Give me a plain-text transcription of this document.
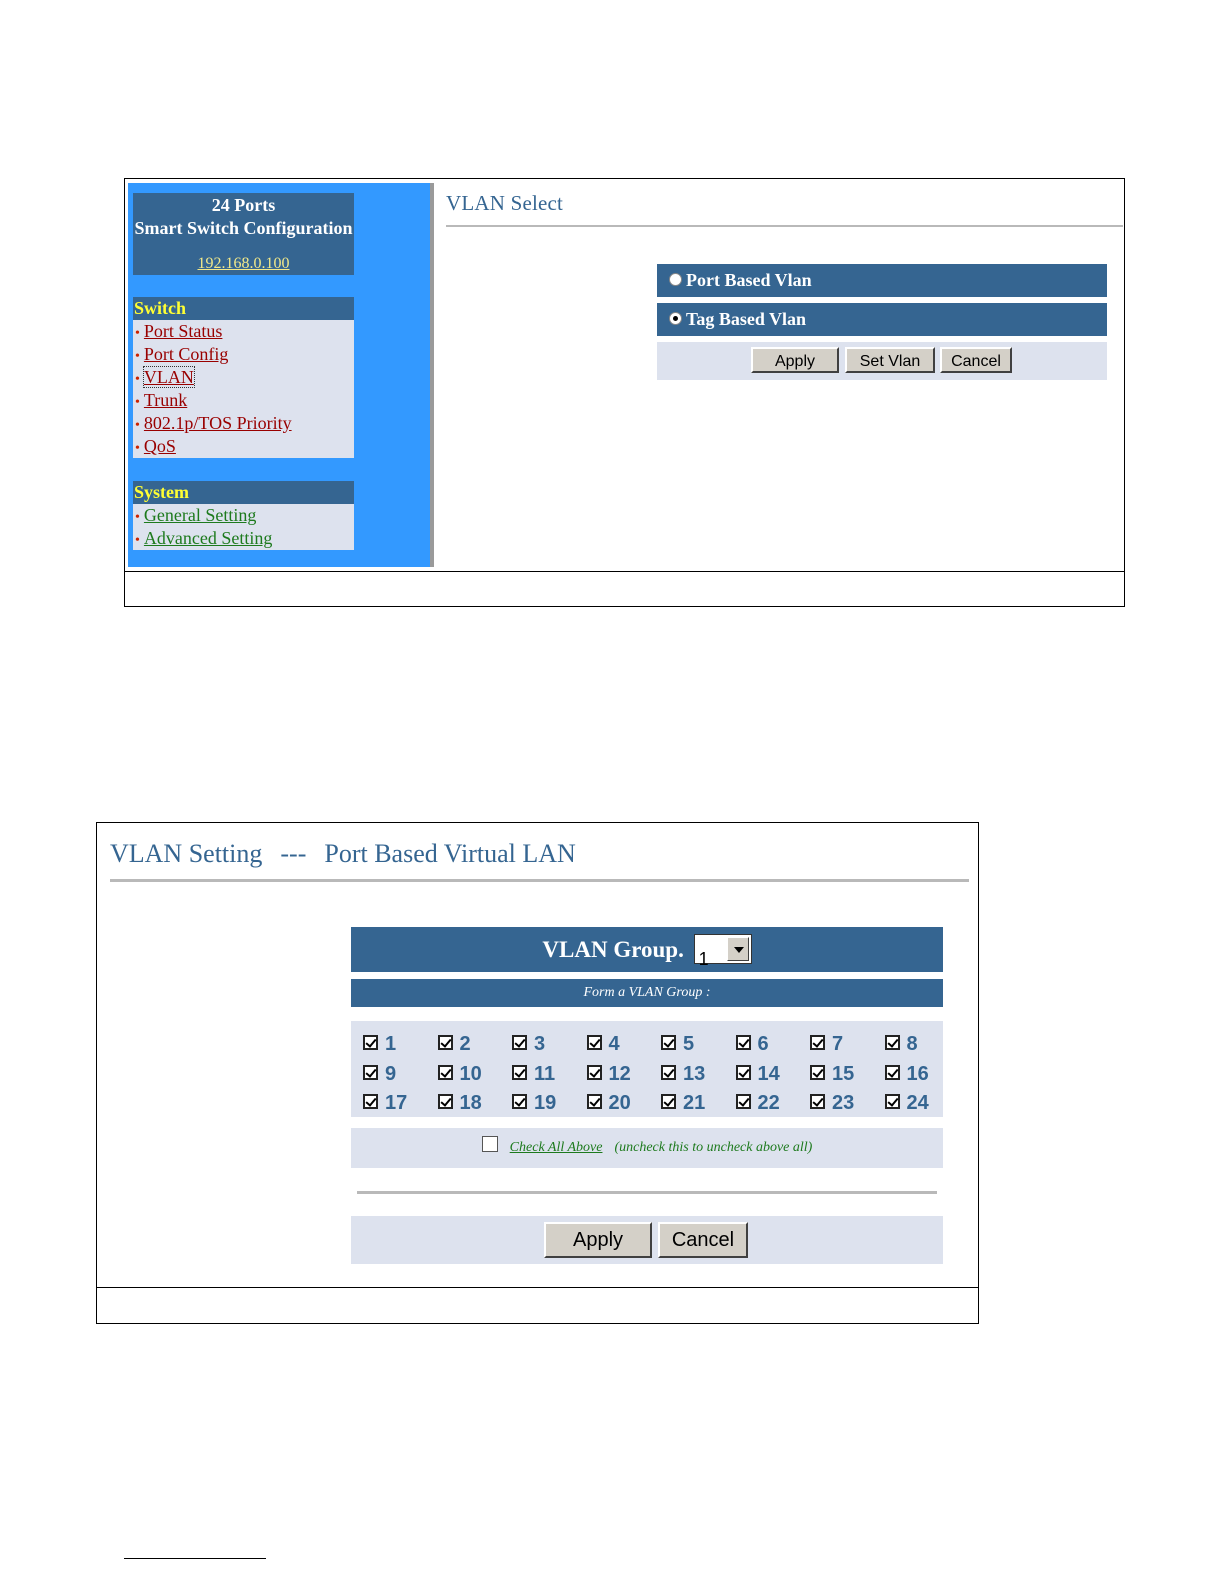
24 Ports
Smart Switch Configuration
192.168.0.100
Switch
• Port Status
• Port Config
• VLAN
• Trunk
• 802.1p/TOS Priority
• QoS
System
• General Setting
• Advanced Setting
VLAN Select
Port Based Vlan
Tag Based Vlan
Apply	Set Vlan	Cancel
VLAN Setting --- Port Based Virtual LAN
VLAN Group. 1
Form a VLAN Group :
1	2	3	4	5	6	7	8
9	10	11	12	13	14	15	16
17	18	19	20	21	22	23	24
Check All Above (uncheck this to uncheck above all)
Apply	Cancel
